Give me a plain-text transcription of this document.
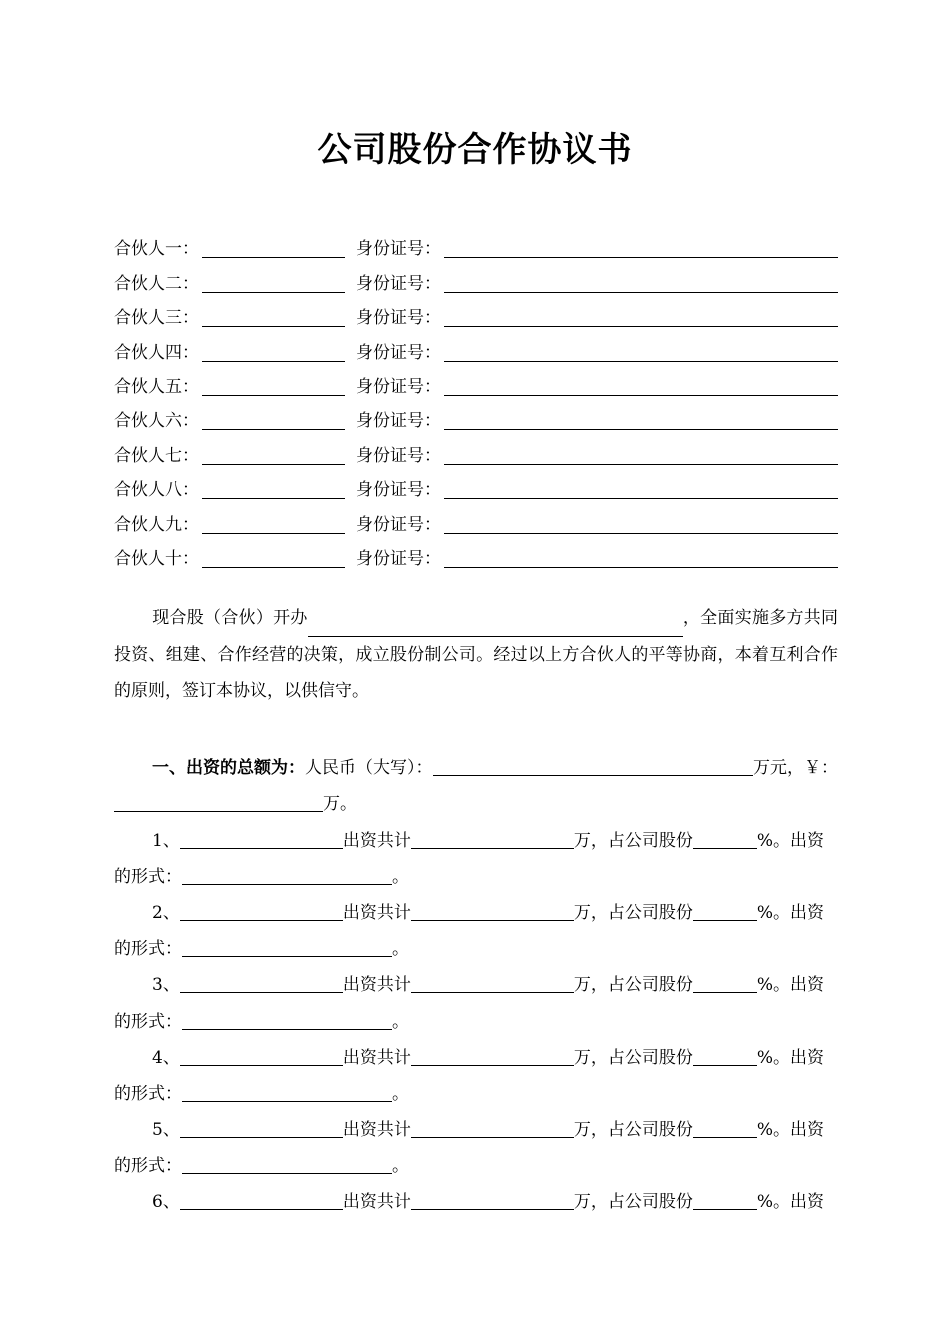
公司股份合作协议书
合伙人一：	身份证号：
合伙人二：	身份证号：
合伙人三：	身份证号：
合伙人四：	身份证号：
合伙人五：	身份证号：
合伙人六：	身份证号：
合伙人七：	身份证号：
合伙人八：	身份证号：
合伙人九：	身份证号：
合伙人十：	身份证号：
现合股（合伙）开办	，全面实施多方共同投资、组建、合作经营的决策，成立股份制公司。经过以上方合伙人的平等协商，本着互利合作的原则，签订本协议，以供信守。
一、出资的总额为： 人民币（大写）：	万元，￥：
万。
1、	出资共计	万，占公司股份	%。出资
的形式：	。
2、	出资共计	万，占公司股份	%。出资
的形式：	。
3、	出资共计	万，占公司股份	%。出资
的形式：	。
4、	出资共计	万，占公司股份	%。出资
的形式：	。
5、	出资共计	万，占公司股份	%。出资
的形式：	。
6、	出资共计	万，占公司股份	%。出资
